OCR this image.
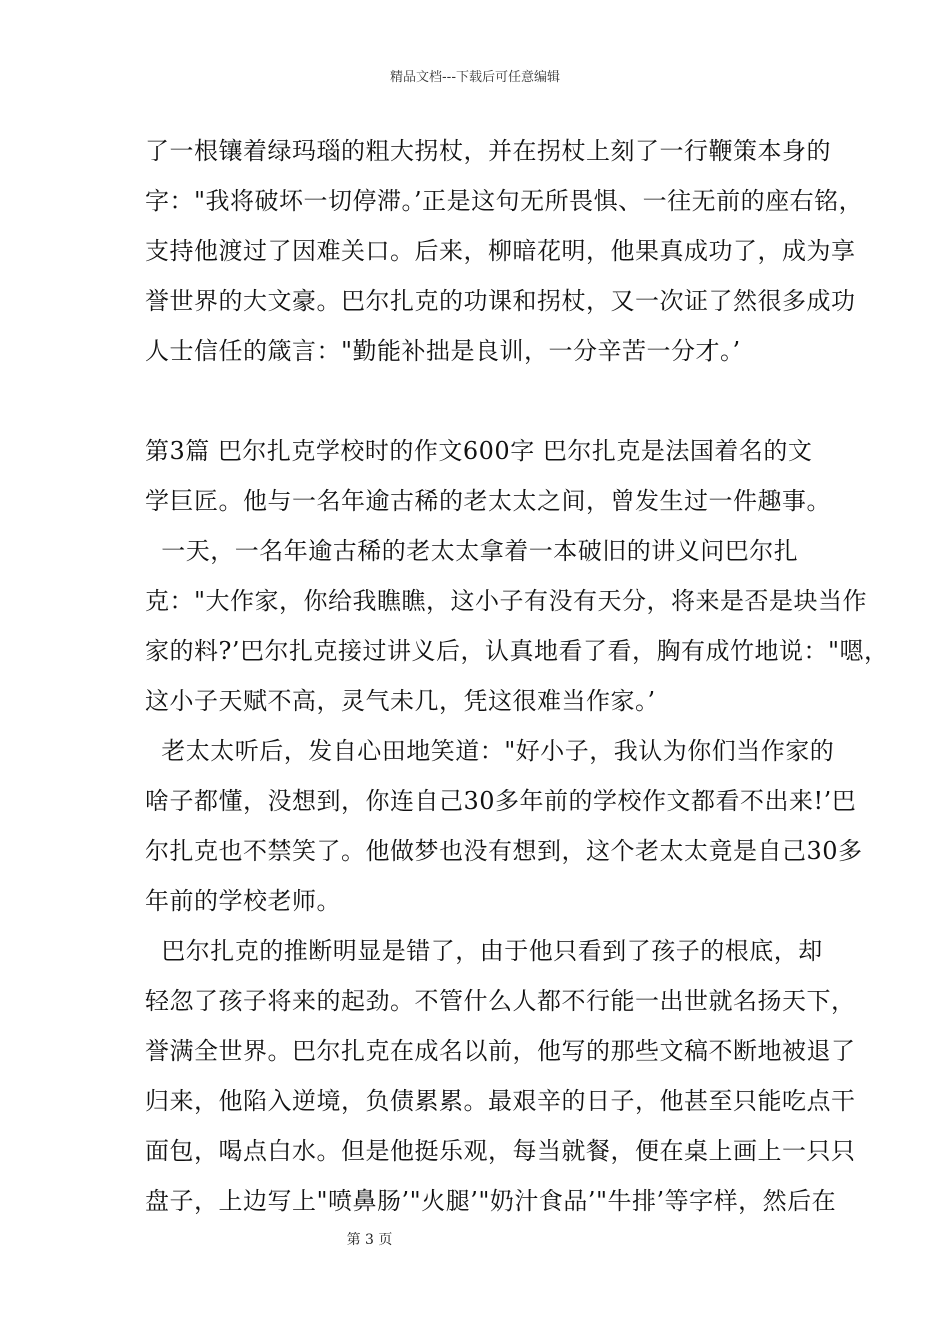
精品文档---下载后可任意编辑
了一根镶着绿玛瑙的粗大拐杖，并在拐杖上刻了一行鞭策本身的
字："我将破坏一切停滞。’正是这句无所畏惧、一往无前的座右铭，
支持他渡过了因难关口。后来，柳暗花明，他果真成功了，成为享
誉世界的大文豪。巴尔扎克的功课和拐杖，又一次证了然很多成功
人士信任的箴言："勤能补拙是良训，一分辛苦一分才。’
第3篇 巴尔扎克学校时的作文600字 巴尔扎克是法国着名的文
学巨匠。他与一名年逾古稀的老太太之间，曾发生过一件趣事。
一天，一名年逾古稀的老太太拿着一本破旧的讲义问巴尔扎
克："大作家，你给我瞧瞧，这小子有没有天分，将来是否是块当作
家的料?’巴尔扎克接过讲义后，认真地看了看，胸有成竹地说："嗯，
这小子天赋不高，灵气未几，凭这很难当作家。’
老太太听后，发自心田地笑道："好小子，我认为你们当作家的
啥子都懂，没想到，你连自己30多年前的学校作文都看不出来!’巴
尔扎克也不禁笑了。他做梦也没有想到，这个老太太竟是自己30多
年前的学校老师。
巴尔扎克的推断明显是错了，由于他只看到了孩子的根底，却
轻忽了孩子将来的起劲。不管什么人都不行能一出世就名扬天下，
誉满全世界。巴尔扎克在成名以前，他写的那些文稿不断地被退了
归来，他陷入逆境，负债累累。最艰辛的日子，他甚至只能吃点干
面包，喝点白水。但是他挺乐观，每当就餐，便在桌上画上一只只
盘子，上边写上"喷鼻肠’"火腿’"奶汁食品’"牛排’等字样，然后在
第 3 页
